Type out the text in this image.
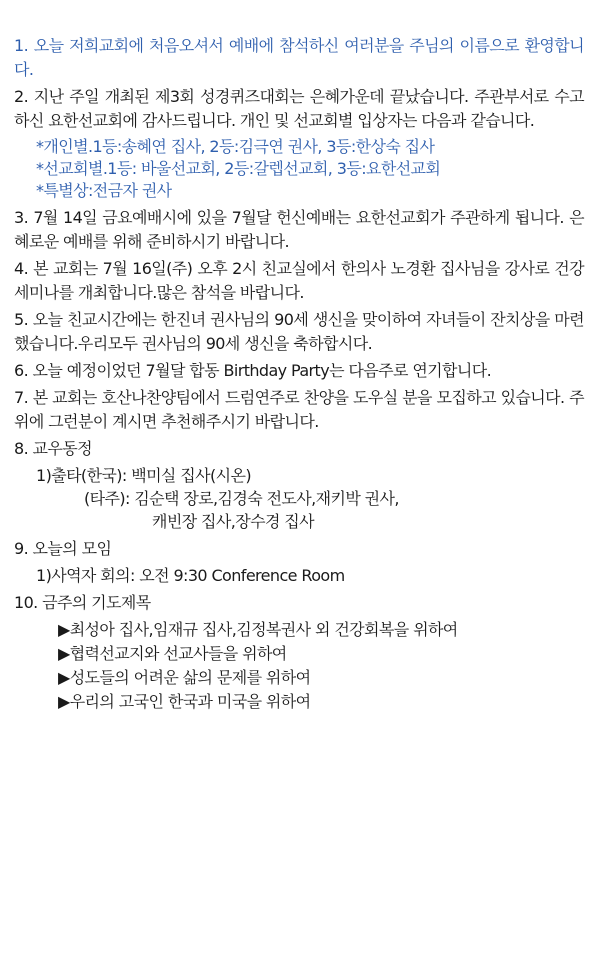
1. 오늘 저희교회에 처음오셔서 예배에 참석하신 여러분을 주님의 이름으로 환영합니다.
2. 지난 주일 개최된 제3회 성경퀴즈대회는 은혜가운데 끝났습니다. 주관부서로 수고하신 요한선교회에 감사드립니다. 개인 및 선교회별 입상자는 다음과 같습니다.
*개인별.1등:송혜연 집사, 2등:김극연 권사, 3등:한상숙 집사
*선교회별.1등: 바울선교회, 2등:갈렙선교회, 3등:요한선교회
*특별상:전금자 권사
3. 7월 14일 금요예배시에 있을 7월달 헌신예배는 요한선교회가 주관하게 됩니다. 은혜로운 예배를 위해 준비하시기 바랍니다.
4. 본 교회는 7월 16일(주) 오후 2시 친교실에서 한의사 노경환 집사님을 강사로 건강세미나를 개최합니다.많은 참석을 바랍니다.
5. 오늘 친교시간에는 한진녀 권사님의 90세 생신을 맞이하여 자녀들이 잔치상을 마련했습니다.우리모두 권사님의 90세 생신을 축하합시다.
6. 오늘 예정이었던 7월달 합동 Birthday Party는 다음주로 연기합니다.
7. 본 교회는 호산나찬양팀에서 드럼연주로 찬양을 도우실 분을 모집하고 있습니다. 주위에 그런분이 계시면 추천해주시기 바랍니다.
8. 교우동정
1)출타(한국): 백미실 집사(시온)
(타주): 김순택 장로,김경숙 전도사,재키박 권사,
캐빈장 집사,장수경 집사
9. 오늘의 모임
1)사역자 회의: 오전 9:30 Conference Room
10. 금주의 기도제목
▶최성아 집사,임재규 집사,김정복권사 외 건강회복을 위하여
▶협력선교지와 선교사들을 위하여
▶성도들의 어려운 삶의 문제를 위하여
▶우리의 고국인 한국과 미국을 위하여
